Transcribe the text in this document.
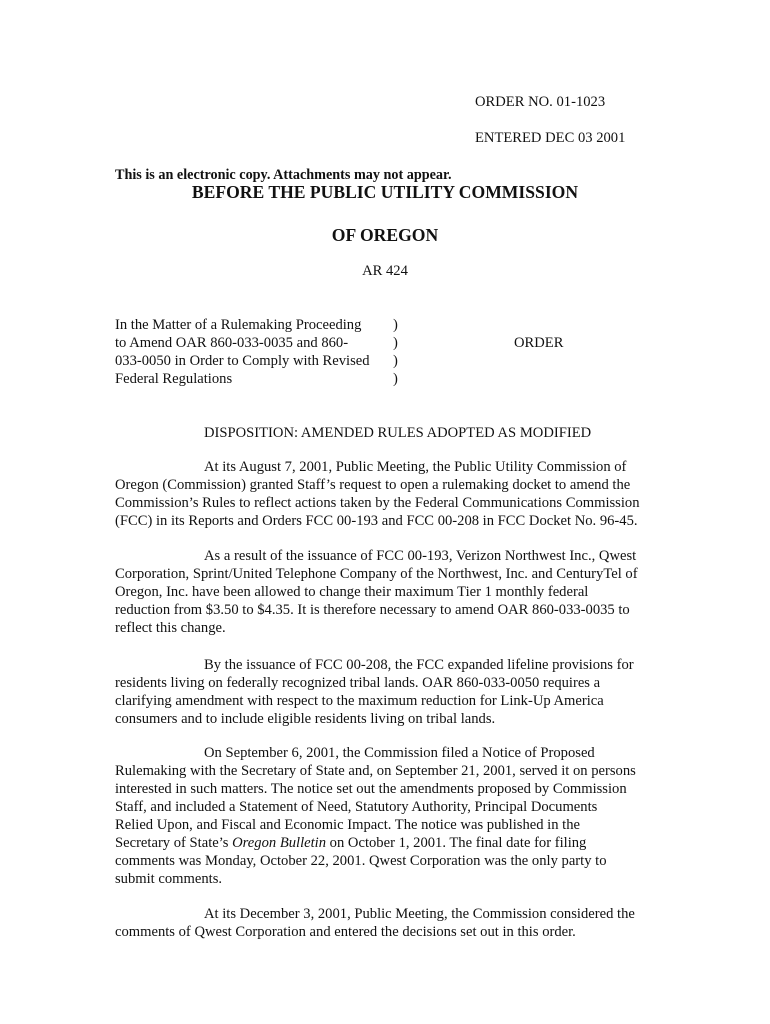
ORDER NO. 01-1023
ENTERED DEC 03 2001
This is an electronic copy. Attachments may not appear.
BEFORE THE PUBLIC UTILITY COMMISSION
OF OREGON
AR 424
In the Matter of a Rulemaking Proceeding
to Amend OAR 860-033-0035 and 860-
033-0050 in Order to Comply with Revised
Federal Regulations
)
)
)
)
ORDER
DISPOSITION: AMENDED RULES ADOPTED AS MODIFIED
At its August 7, 2001, Public Meeting, the Public Utility Commission of
Oregon (Commission) granted Staff’s request to open a rulemaking docket to amend the
Commission’s Rules to reflect actions taken by the Federal Communications Commission
(FCC) in its Reports and Orders FCC 00-193 and FCC 00-208 in FCC Docket No. 96-45.
As a result of the issuance of FCC 00-193, Verizon Northwest Inc., Qwest
Corporation, Sprint/United Telephone Company of the Northwest, Inc. and CenturyTel of
Oregon, Inc. have been allowed to change their maximum Tier 1 monthly federal
reduction from $3.50 to $4.35. It is therefore necessary to amend OAR 860-033-0035 to
reflect this change.
By the issuance of FCC 00-208, the FCC expanded lifeline provisions for
residents living on federally recognized tribal lands. OAR 860-033-0050 requires a
clarifying amendment with respect to the maximum reduction for Link-Up America
consumers and to include eligible residents living on tribal lands.
On September 6, 2001, the Commission filed a Notice of Proposed
Rulemaking with the Secretary of State and, on September 21, 2001, served it on persons
interested in such matters. The notice set out the amendments proposed by Commission
Staff, and included a Statement of Need, Statutory Authority, Principal Documents
Relied Upon, and Fiscal and Economic Impact. The notice was published in the
Secretary of State’s Oregon Bulletin on October 1, 2001. The final date for filing
comments was Monday, October 22, 2001. Qwest Corporation was the only party to
submit comments.
At its December 3, 2001, Public Meeting, the Commission considered the
comments of Qwest Corporation and entered the decisions set out in this order.
